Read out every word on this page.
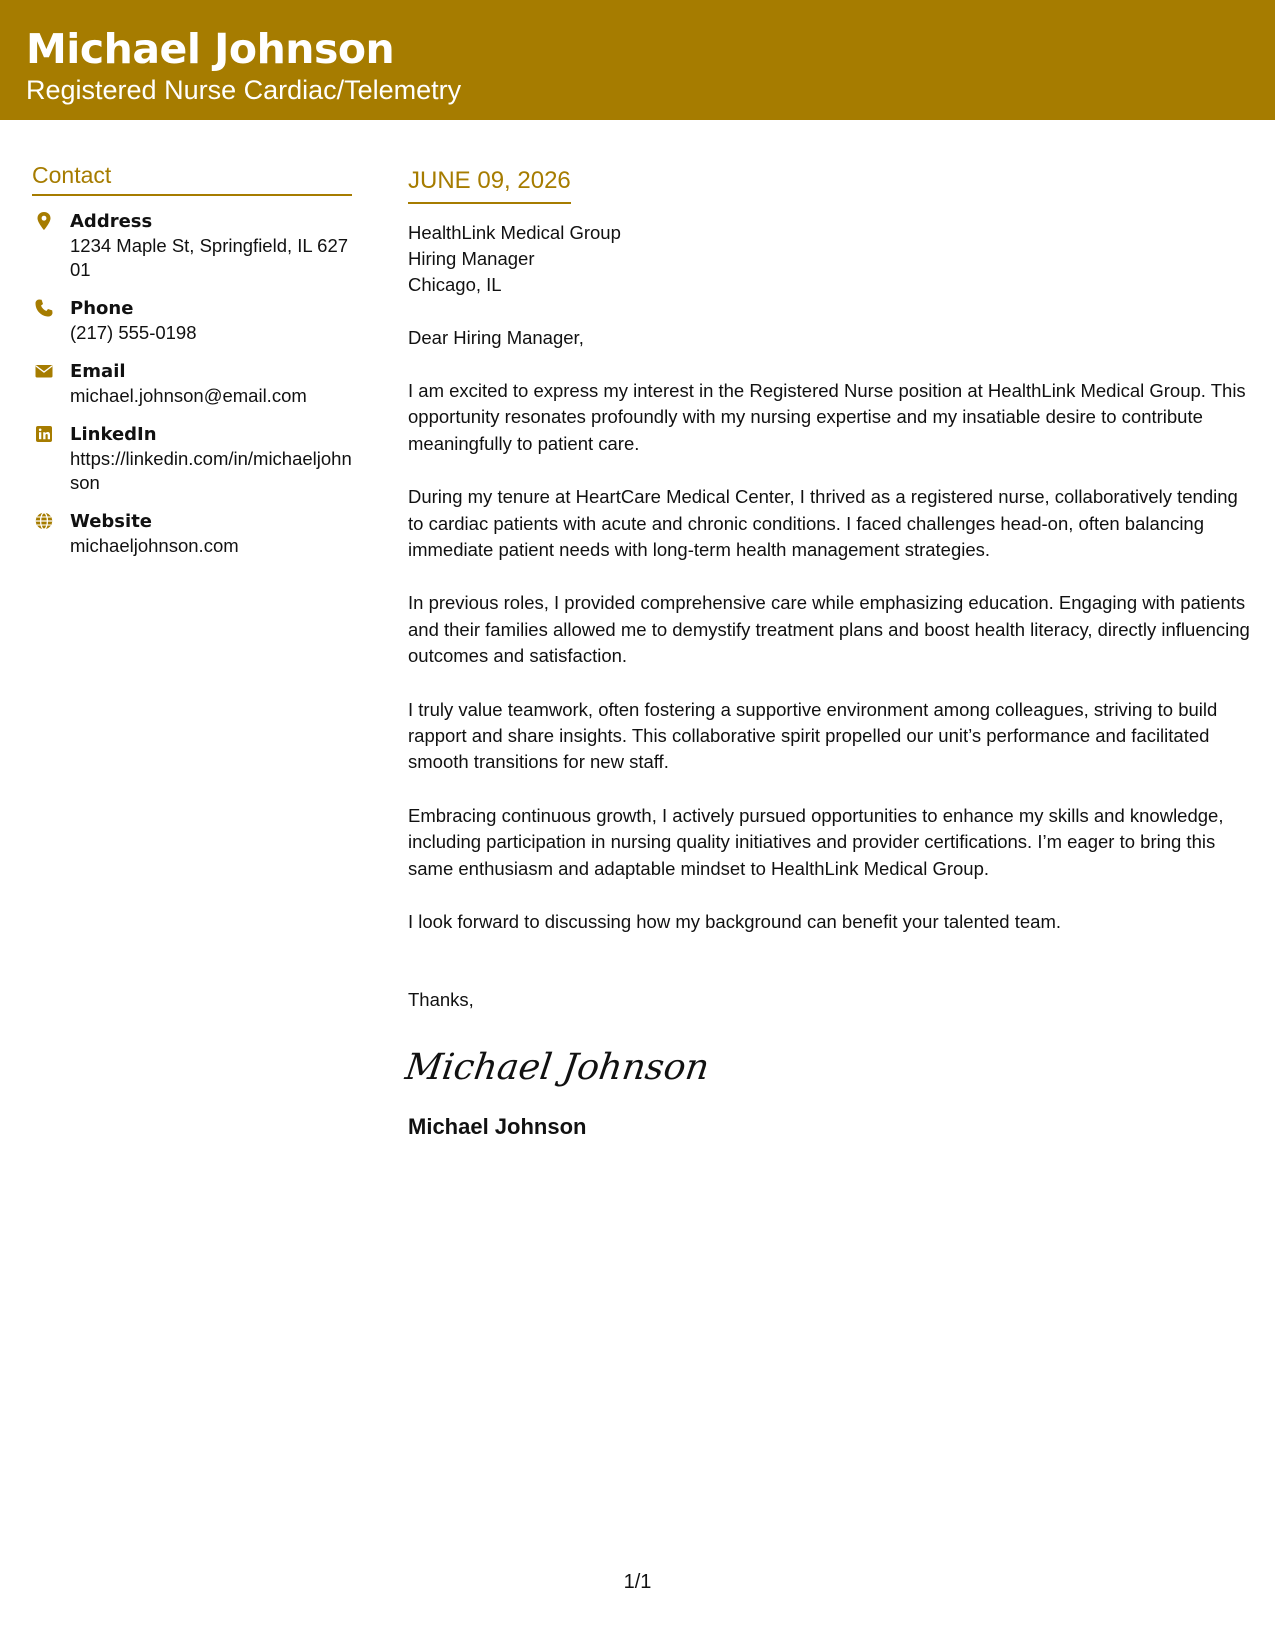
Michael Johnson
Registered Nurse Cardiac/Telemetry
Contact
Address
1234 Maple St, Springfield, IL 62701
Phone
(217) 555-0198
Email
michael.johnson@email.com
LinkedIn
https://linkedin.com/in/michaeljohnson
Website
michaeljohnson.com
JUNE 09, 2026
HealthLink Medical Group
Hiring Manager
Chicago, IL
Dear Hiring Manager,
I am excited to express my interest in the Registered Nurse position at HealthLink Medical Group. This opportunity resonates profoundly with my nursing expertise and my insatiable desire to contribute meaningfully to patient care.
During my tenure at HeartCare Medical Center, I thrived as a registered nurse, collaboratively tending to cardiac patients with acute and chronic conditions. I faced challenges head-on, often balancing immediate patient needs with long-term health management strategies.
In previous roles, I provided comprehensive care while emphasizing education. Engaging with patients and their families allowed me to demystify treatment plans and boost health literacy, directly influencing outcomes and satisfaction.
I truly value teamwork, often fostering a supportive environment among colleagues, striving to build rapport and share insights. This collaborative spirit propelled our unit’s performance and facilitated smooth transitions for new staff.
Embracing continuous growth, I actively pursued opportunities to enhance my skills and knowledge, including participation in nursing quality initiatives and provider certifications. I’m eager to bring this same enthusiasm and adaptable mindset to HealthLink Medical Group.
I look forward to discussing how my background can benefit your talented team.
Thanks,
Michael Johnson
Michael Johnson
1/1
